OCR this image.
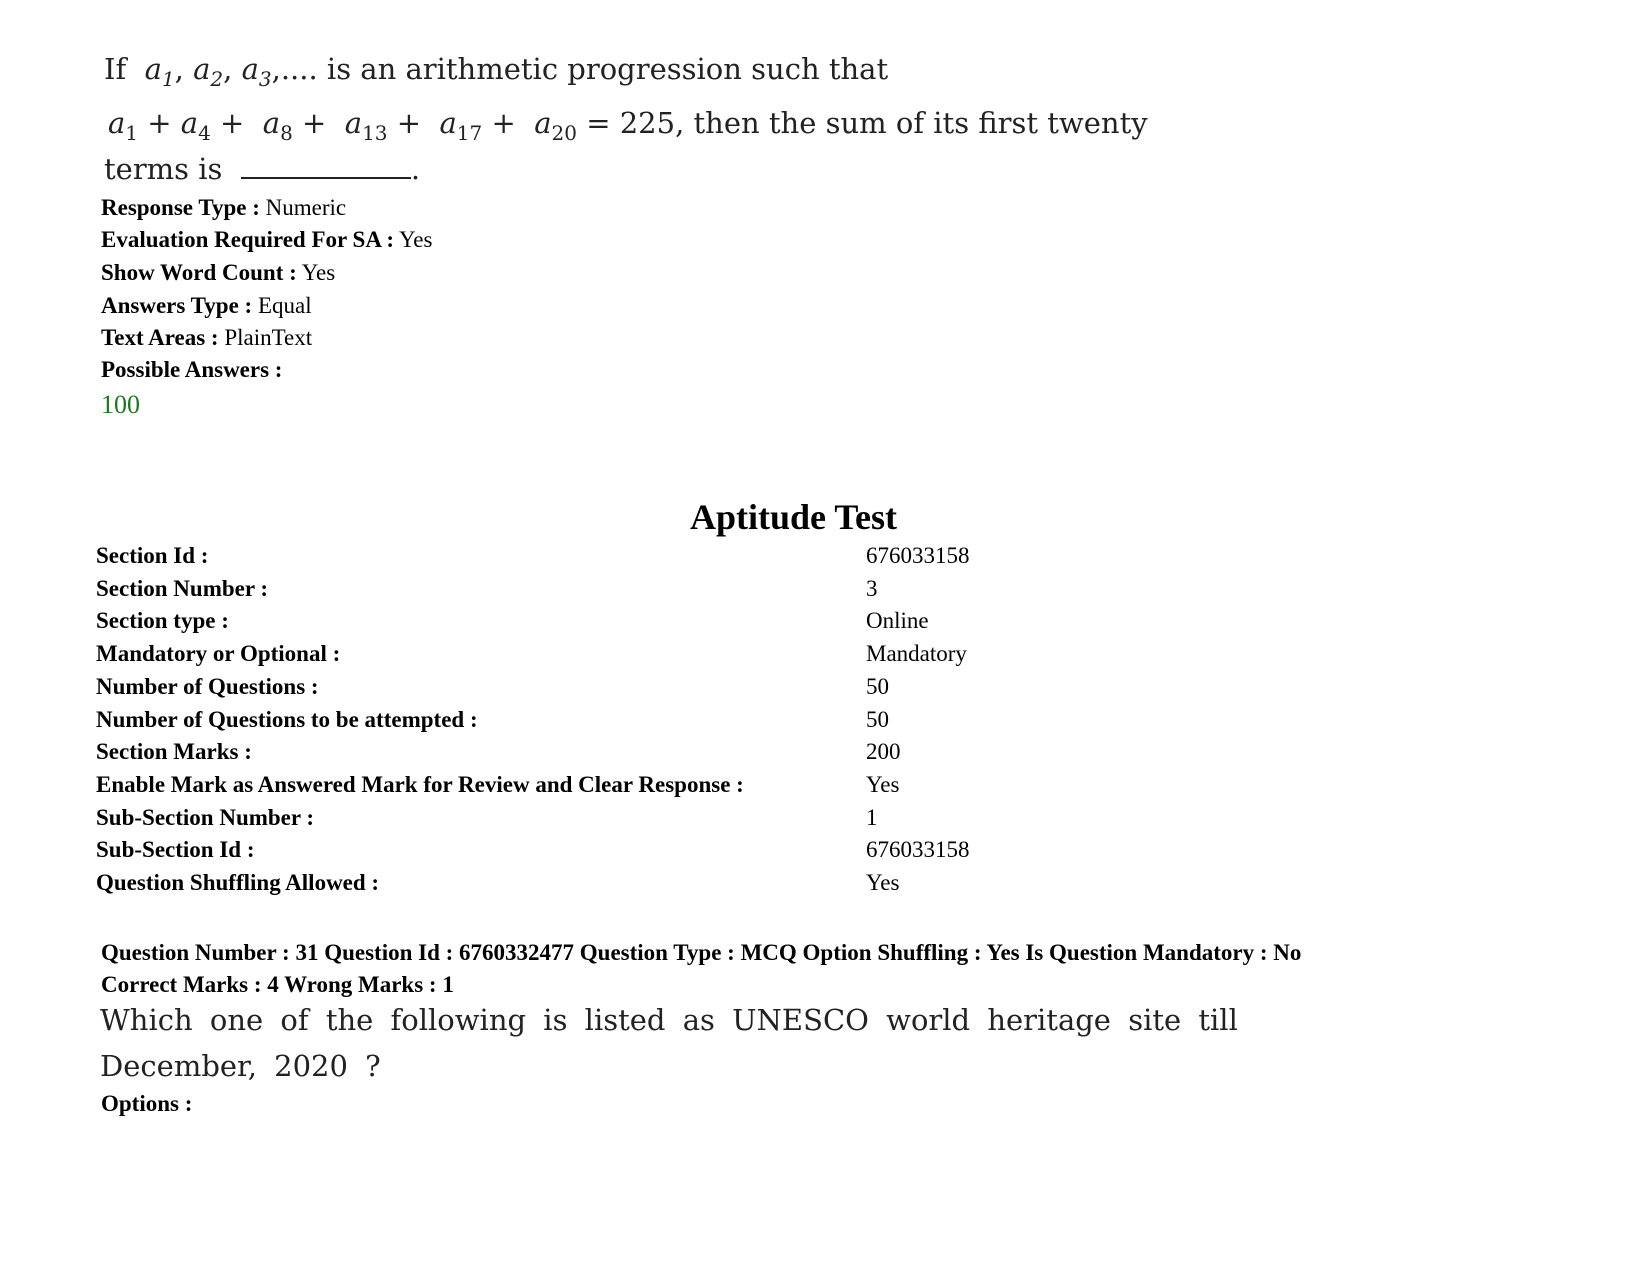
If $a_1$, $a_2$, $a_3$,.... is an arithmetic progression such that
$a_1 + a_4 + a_8 + a_{13} + a_{17} + a_{20} = 225$, then the sum of its first twenty
terms is	.
Response Type : Numeric
Evaluation Required For SA : Yes
Show Word Count : Yes
Answers Type : Equal
Text Areas : PlainText
Possible Answers :
100
Aptitude Test
Section Id :	676033158
Section Number :	3
Section type :	Online
Mandatory or Optional :	Mandatory
Number of Questions :	50
Number of Questions to be attempted :	50
Section Marks :	200
Enable Mark as Answered Mark for Review and Clear Response :	Yes
Sub-Section Number :	1
Sub-Section Id :	676033158
Question Shuffling Allowed :	Yes
Question Number : 31 Question Id : 6760332477 Question Type : MCQ Option Shuffling : Yes Is Question Mandatory : No
Correct Marks : 4 Wrong Marks : 1
Which one of the following is listed as UNESCO world heritage site till
December, 2020 ?
Options :
